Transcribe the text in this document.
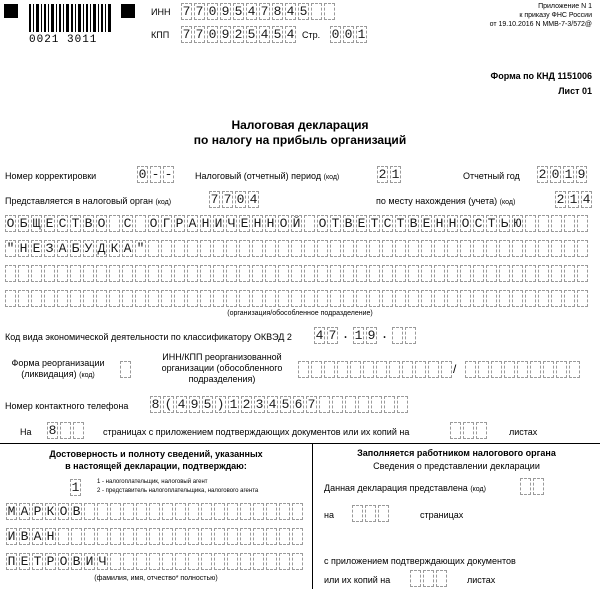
0021 3011
ИНН 7 7 0 9 5 4 7 8 4 5
КПП 7 7 0 9 2 5 4 5 4 Стр. 0 0 1
Приложение N 1
к приказу ФНС России
от 19.10.2016 N ММВ-7-3/572@
Форма по КНД 1151006
Лист 01
Налоговая декларация
по налогу на прибыль организаций
Номер корректировки	0 - -	Налоговый (отчетный) период (код)	2 1	Отчетный год 2 0 1 9
Представляется в налоговый орган (код)	7 7 0 4	по месту нахождения (учета) (код)	2 1 4
О Б Щ Е С Т В О С О Г Р А Н И Ч Е Н Н О Й О Т В Е Т С Т В Е Н Н О С Т Ь Ю
" Н Е З А Б У Д К А "
(организация/обособленное подразделение)
Код вида экономической деятельности по классификатору ОКВЭД 2 4 7 . 1 9 .
Форма реорганизации
(ликвидация) (код)
ИНН/КПП реорганизованной
организации (обособленного
подразделения)
/
Номер контактного телефона 8 ( 4 9 5 ) 1 2 3 4 5 6 7
На 8	страницах с приложением подтверждающих документов или их копий на	листах
Достоверность и полноту сведений, указанных
в настоящей декларации, подтверждаю:
1	1 - налогоплательщик, налоговый агент
2 - представитель налогоплательщика, налогового агента
М А Р К О В
И В А Н
П Е Т Р О В И Ч
(фамилия, имя, отчество* полностью)
Заполняется работником налогового органа
Сведения о представлении декларации
Данная декларация представлена (код)
на	страницах
с приложением подтверждающих документов
или их копий на	листах
